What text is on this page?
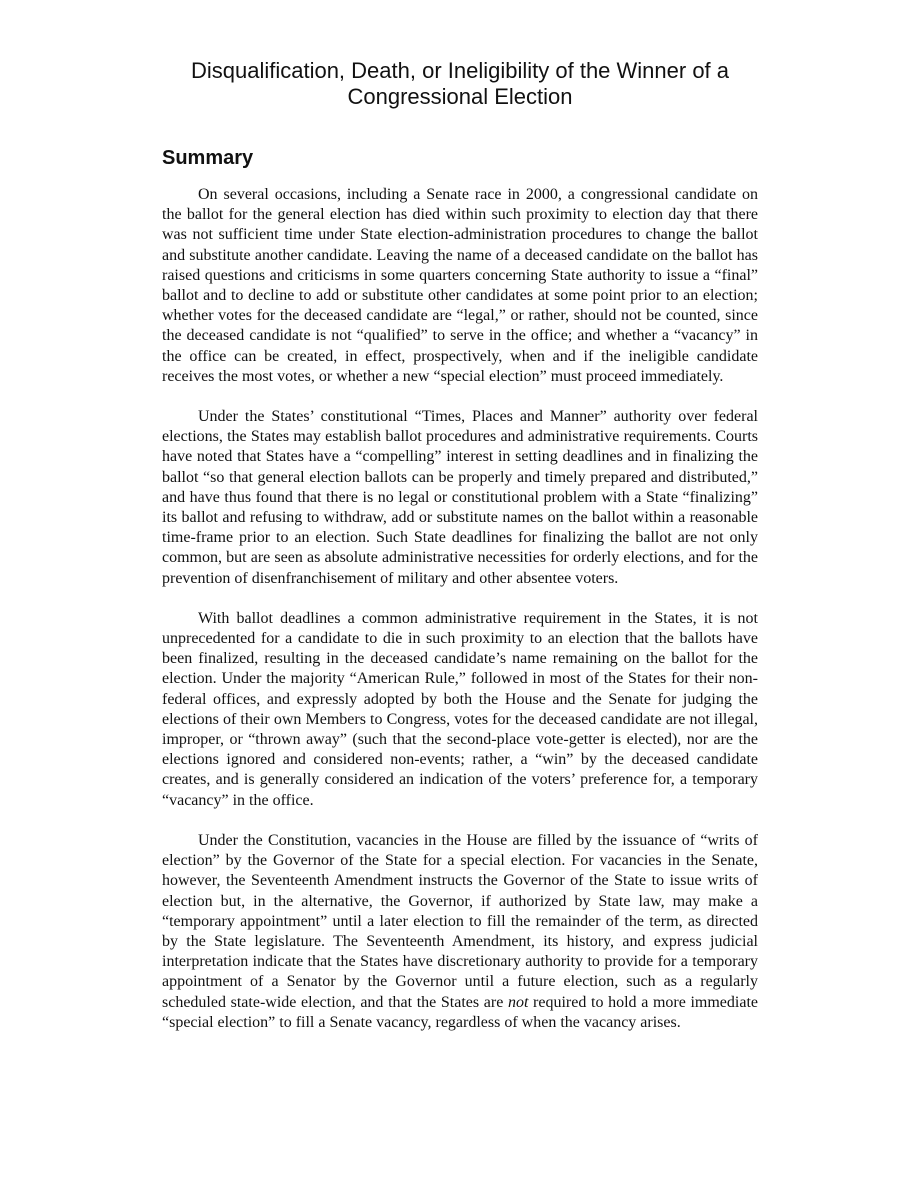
Disqualification, Death, or Ineligibility of the Winner of a
Congressional Election
Summary

On several occasions, including a Senate race in 2000, a congressional candidate on the ballot for the general election has died within such proximity to election day that there was not sufficient time under State election-administration procedures to change the ballot and substitute another candidate. Leaving the name of a deceased candidate on the ballot has raised questions and criticisms in some quarters concerning State authority to issue a “final” ballot and to decline to add or substitute other candidates at some point prior to an election; whether votes for the deceased candidate are “legal,” or rather, should not be counted, since the deceased candidate is not “qualified” to serve in the office; and whether a “vacancy” in the office can be created, in effect, prospectively, when and if the ineligible candidate receives the most votes, or whether a new “special election” must proceed immediately.

Under the States’ constitutional “Times, Places and Manner” authority over federal elections, the States may establish ballot procedures and administrative requirements. Courts have noted that States have a “compelling” interest in setting deadlines and in finalizing the ballot “so that general election ballots can be properly and timely prepared and distributed,” and have thus found that there is no legal or constitutional problem with a State “finalizing” its ballot and refusing to withdraw, add or substitute names on the ballot within a reasonable time-frame prior to an election. Such State deadlines for finalizing the ballot are not only common, but are seen as absolute administrative necessities for orderly elections, and for the prevention of disenfranchisement of military and other absentee voters.

With ballot deadlines a common administrative requirement in the States, it is not unprecedented for a candidate to die in such proximity to an election that the ballots have been finalized, resulting in the deceased candidate’s name remaining on the ballot for the election. Under the majority “American Rule,” followed in most of the States for their non-federal offices, and expressly adopted by both the House and the Senate for judging the elections of their own Members to Congress, votes for the deceased candidate are not illegal, improper, or “thrown away” (such that the second-place vote-getter is elected), nor are the elections ignored and considered non-events; rather, a “win” by the deceased candidate creates, and is generally considered an indication of the voters’ preference for, a temporary “vacancy” in the office.

Under the Constitution, vacancies in the House are filled by the issuance of “writs of election” by the Governor of the State for a special election. For vacancies in the Senate, however, the Seventeenth Amendment instructs the Governor of the State to issue writs of election but, in the alternative, the Governor, if authorized by State law, may make a “temporary appointment” until a later election to fill the remainder of the term, as directed by the State legislature. The Seventeenth Amendment, its history, and express judicial interpretation indicate that the States have discretionary authority to provide for a temporary appointment of a Senator by the Governor until a future election, such as a regularly scheduled state-wide election, and that the States are not required to hold a more immediate “special election” to fill a Senate vacancy, regardless of when the vacancy arises.
